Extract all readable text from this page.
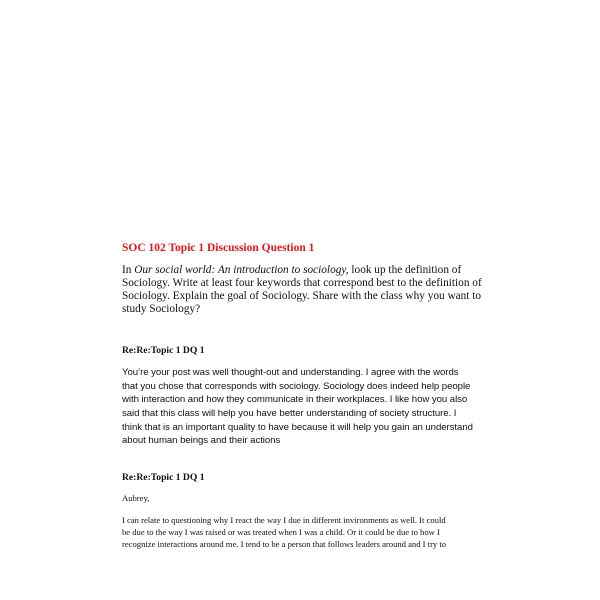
SOC 102 Topic 1 Discussion Question 1
In Our social world: An introduction to sociology, look up the definition of
Sociology. Write at least four keywords that correspond best to the definition of
Sociology. Explain the goal of Sociology. Share with the class why you want to
study Sociology?
Re:Re:Topic 1 DQ 1
You’re your post was well thought-out and understanding. I agree with the words
that you chose that corresponds with sociology. Sociology does indeed help people
with interaction and how they communicate in their workplaces. I like how you also
said that this class will help you have better understanding of society structure. I
think that is an important quality to have because it will help you gain an understand
about human beings and their actions
Re:Re:Topic 1 DQ 1
Aubrey,
I can relate to questioning why I react the way I due in different invironments as well. It could
be due to the way I was raised or was treated when I was a child. Or it could be due to how I
recognize interactions around me. I tend to be a person that follows leaders around and I try to
